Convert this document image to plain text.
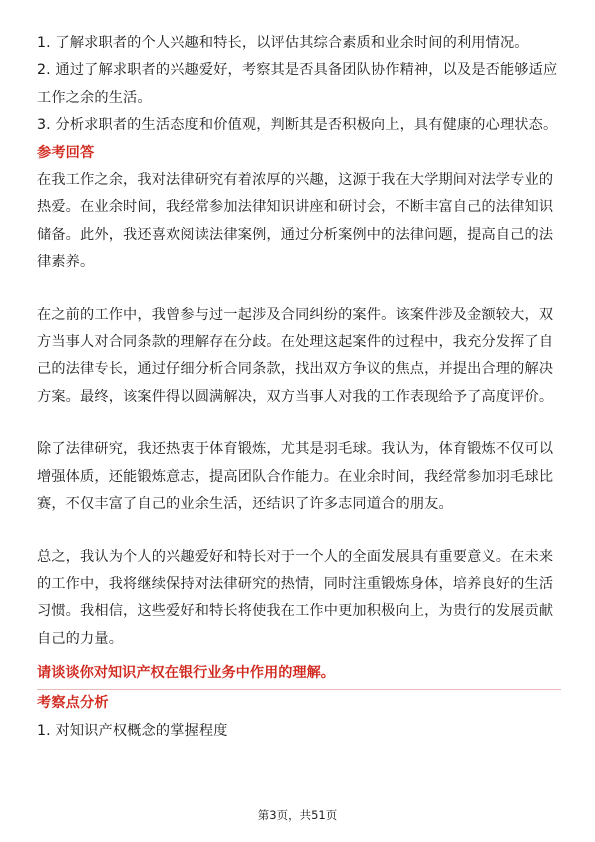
1. 了解求职者的个人兴趣和特长，以评估其综合素质和业余时间的利用情况。

2. 通过了解求职者的兴趣爱好，考察其是否具备团队协作精神，以及是否能够适应工作之余的生活。

3. 分析求职者的生活态度和价值观，判断其是否积极向上，具有健康的心理状态。

参考回答

在我工作之余，我对法律研究有着浓厚的兴趣，这源于我在大学期间对法学专业的热爱。在业余时间，我经常参加法律知识讲座和研讨会，不断丰富自己的法律知识储备。此外，我还喜欢阅读法律案例，通过分析案例中的法律问题，提高自己的法律素养。

在之前的工作中，我曾参与过一起涉及合同纠纷的案件。该案件涉及金额较大，双方当事人对合同条款的理解存在分歧。在处理这起案件的过程中，我充分发挥了自己的法律专长，通过仔细分析合同条款，找出双方争议的焦点，并提出合理的解决方案。最终，该案件得以圆满解决，双方当事人对我的工作表现给予了高度评价。

除了法律研究，我还热衷于体育锻炼，尤其是羽毛球。我认为，体育锻炼不仅可以增强体质，还能锻炼意志，提高团队合作能力。在业余时间，我经常参加羽毛球比赛，不仅丰富了自己的业余生活，还结识了许多志同道合的朋友。

总之，我认为个人的兴趣爱好和特长对于一个人的全面发展具有重要意义。在未来的工作中，我将继续保持对法律研究的热情，同时注重锻炼身体，培养良好的生活习惯。我相信，这些爱好和特长将使我在工作中更加积极向上，为贵行的发展贡献自己的力量。

请谈谈你对知识产权在银行业务中作用的理解。

考察点分析

1. 对知识产权概念的掌握程度

第3页，共51页
